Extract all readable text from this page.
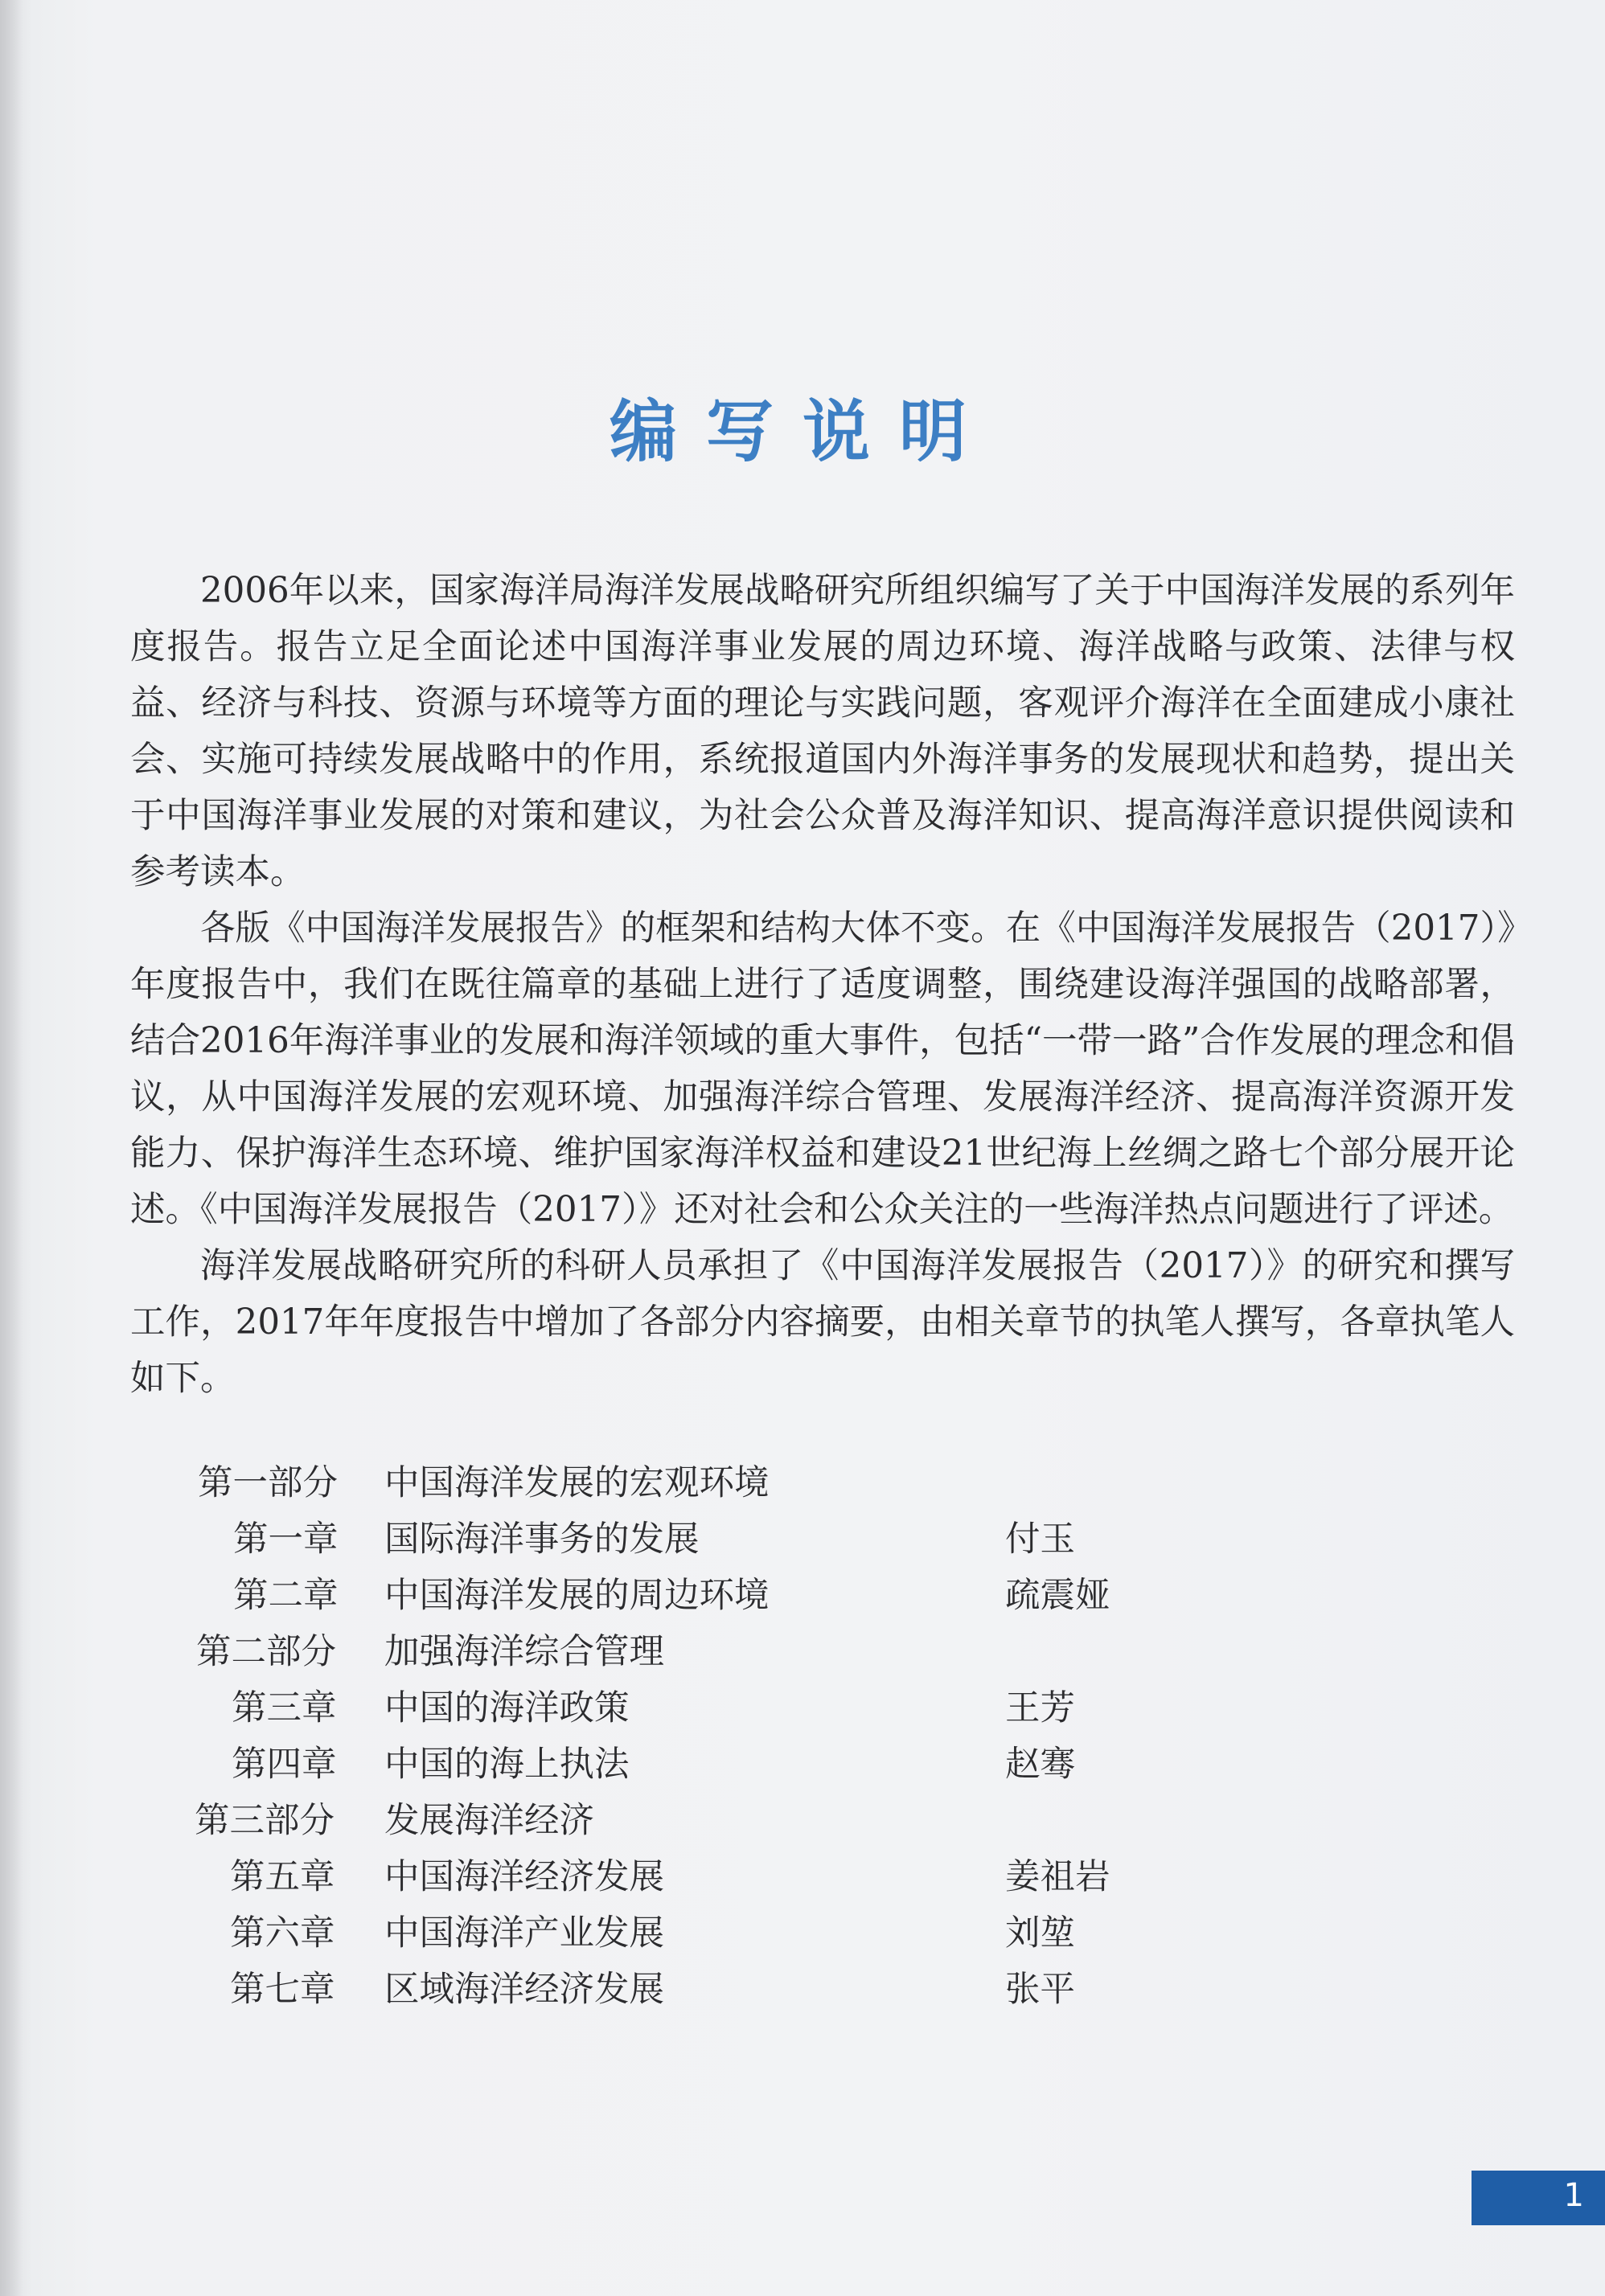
编写说明

2006年以来，国家海洋局海洋发展战略研究所组织编写了关于中国海洋发展的系列年度报告。报告立足全面论述中国海洋事业发展的周边环境、海洋战略与政策、法律与权益、经济与科技、资源与环境等方面的理论与实践问题，客观评介海洋在全面建成小康社会、实施可持续发展战略中的作用，系统报道国内外海洋事务的发展现状和趋势，提出关于中国海洋事业发展的对策和建议，为社会公众普及海洋知识、提高海洋意识提供阅读和参考读本。

各版《中国海洋发展报告》的框架和结构大体不变。在《中国海洋发展报告（2017）》年度报告中，我们在既往篇章的基础上进行了适度调整，围绕建设海洋强国的战略部署，结合2016年海洋事业的发展和海洋领域的重大事件，包括“一带一路”合作发展的理念和倡议，从中国海洋发展的宏观环境、加强海洋综合管理、发展海洋经济、提高海洋资源开发能力、保护海洋生态环境、维护国家海洋权益和建设21世纪海上丝绸之路七个部分展开论述。《中国海洋发展报告（2017）》还对社会和公众关注的一些海洋热点问题进行了评述。

海洋发展战略研究所的科研人员承担了《中国海洋发展报告（2017）》的研究和撰写工作，2017年年度报告中增加了各部分内容摘要，由相关章节的执笔人撰写，各章执笔人如下。

第一部分 中国海洋发展的宏观环境
第一章 国际海洋事务的发展	付玉
第二章 中国海洋发展的周边环境	疏震娅
第二部分 加强海洋综合管理
第三章 中国的海洋政策	王芳
第四章 中国的海上执法	赵骞
第三部分 发展海洋经济
第五章 中国海洋经济发展	姜祖岩
第六章 中国海洋产业发展	刘堃
第七章 区域海洋经济发展	张平
1
